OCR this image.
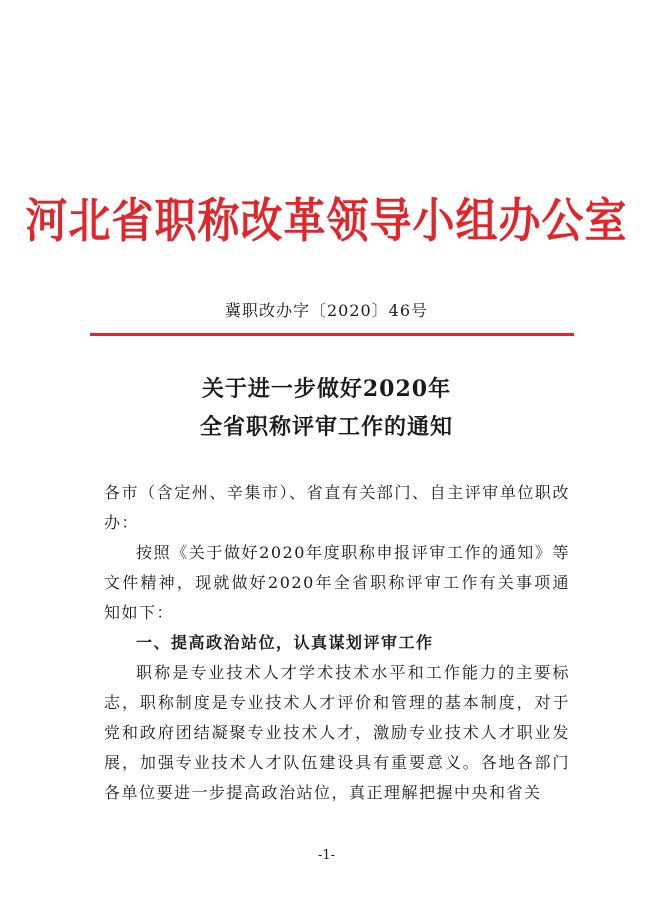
河北省职称改革领导小组办公室
冀职改办字〔2020〕46号
关于进一步做好2020年
全省职称评审工作的通知

各市（含定州、辛集市）、省直有关部门、自主评审单位职改办：

按照《关于做好2020年度职称申报评审工作的通知》等文件精神，现就做好2020年全省职称评审工作有关事项通知如下：

一、提高政治站位，认真谋划评审工作

职称是专业技术人才学术技术水平和工作能力的主要标志，职称制度是专业技术人才评价和管理的基本制度，对于党和政府团结凝聚专业技术人才，激励专业技术人才职业发展，加强专业技术人才队伍建设具有重要意义。各地各部门各单位要进一步提高政治站位，真正理解把握中央和省关

-1-
